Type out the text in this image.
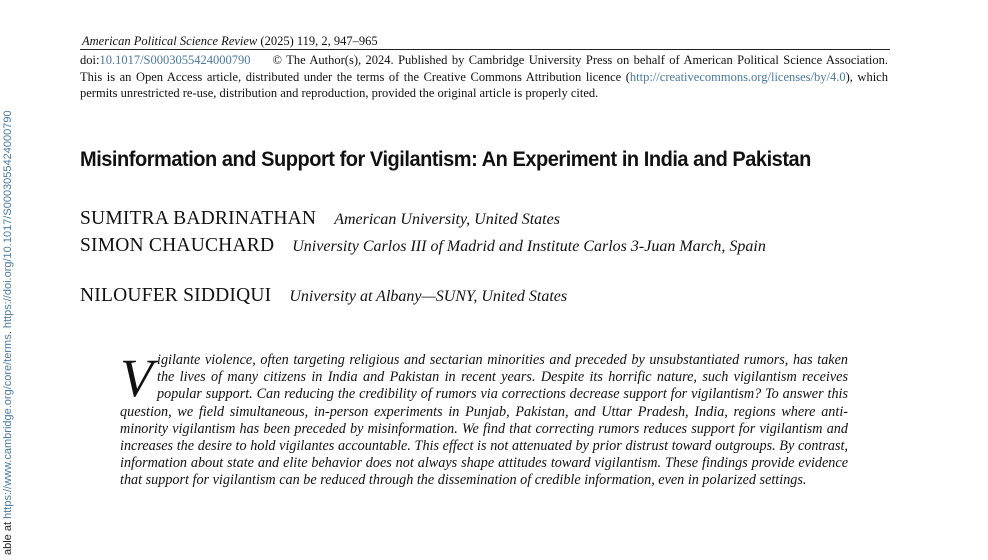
able at https://www.cambridge.org/core/terms. https://doi.org/10.1017/S0003055424000790
American Political Science Review (2025) 119, 2, 947–965
doi:10.1017/S0003055424000790 © The Author(s), 2024. Published by Cambridge University Press on behalf of American Political Science Association. This is an Open Access article, distributed under the terms of the Creative Commons Attribution licence (http://creativecommons.org/licenses/by/4.0), which permits unrestricted re-use, distribution and reproduction, provided the original article is properly cited.
Misinformation and Support for Vigilantism: An Experiment in India and Pakistan
SUMITRA BADRINATHAN American University, United States
SIMON CHAUCHARD University Carlos III of Madrid and Institute Carlos 3-Juan March, Spain
NILOUFER SIDDIQUI University at Albany—SUNY, United States

Vigilante violence, often targeting religious and sectarian minorities and preceded by unsubstantiated rumors, has taken the lives of many citizens in India and Pakistan in recent years. Despite its horrific nature, such vigilantism receives popular support. Can reducing the credibility of rumors via corrections decrease support for vigilantism? To answer this question, we field simultaneous, in-person experiments in Punjab, Pakistan, and Uttar Pradesh, India, regions where anti-minority vigilantism has been preceded by misinformation. We find that correcting rumors reduces support for vigilantism and increases the desire to hold vigilantes accountable. This effect is not attenuated by prior distrust toward outgroups. By contrast, information about state and elite behavior does not always shape attitudes toward vigilantism. These findings provide evidence that support for vigilantism can be reduced through the dissemination of credible information, even in polarized settings.
